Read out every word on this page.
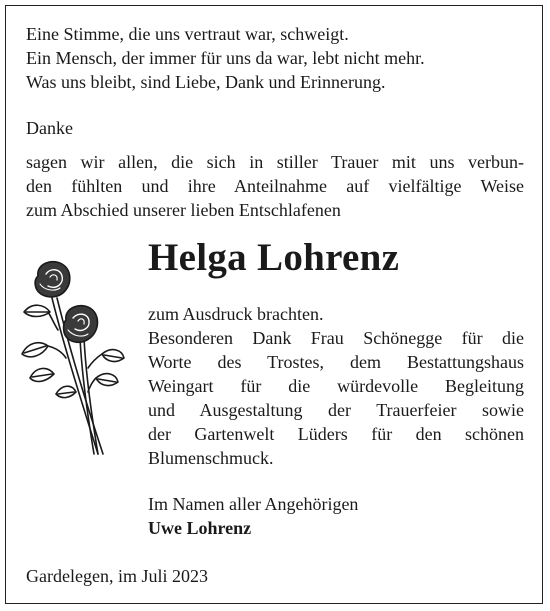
Eine Stimme, die uns vertraut war, schweigt.
Ein Mensch, der immer für uns da war, lebt nicht mehr.
Was uns bleibt, sind Liebe, Dank und Erinnerung.
Danke
sagen wir allen, die sich in stiller Trauer mit uns verbun-
den fühlten und ihre Anteilnahme auf vielfältige Weise
zum Abschied unserer lieben Entschlafenen
Helga Lohrenz
zum Ausdruck brachten.
Besonderen Dank Frau Schönegge für die
Worte des Trostes, dem Bestattungshaus
Weingart für die würdevolle Begleitung
und Ausgestaltung der Trauerfeier sowie
der Gartenwelt Lüders für den schönen
Blumenschmuck.
Im Namen aller Angehörigen
Uwe Lohrenz
Gardelegen, im Juli 2023
